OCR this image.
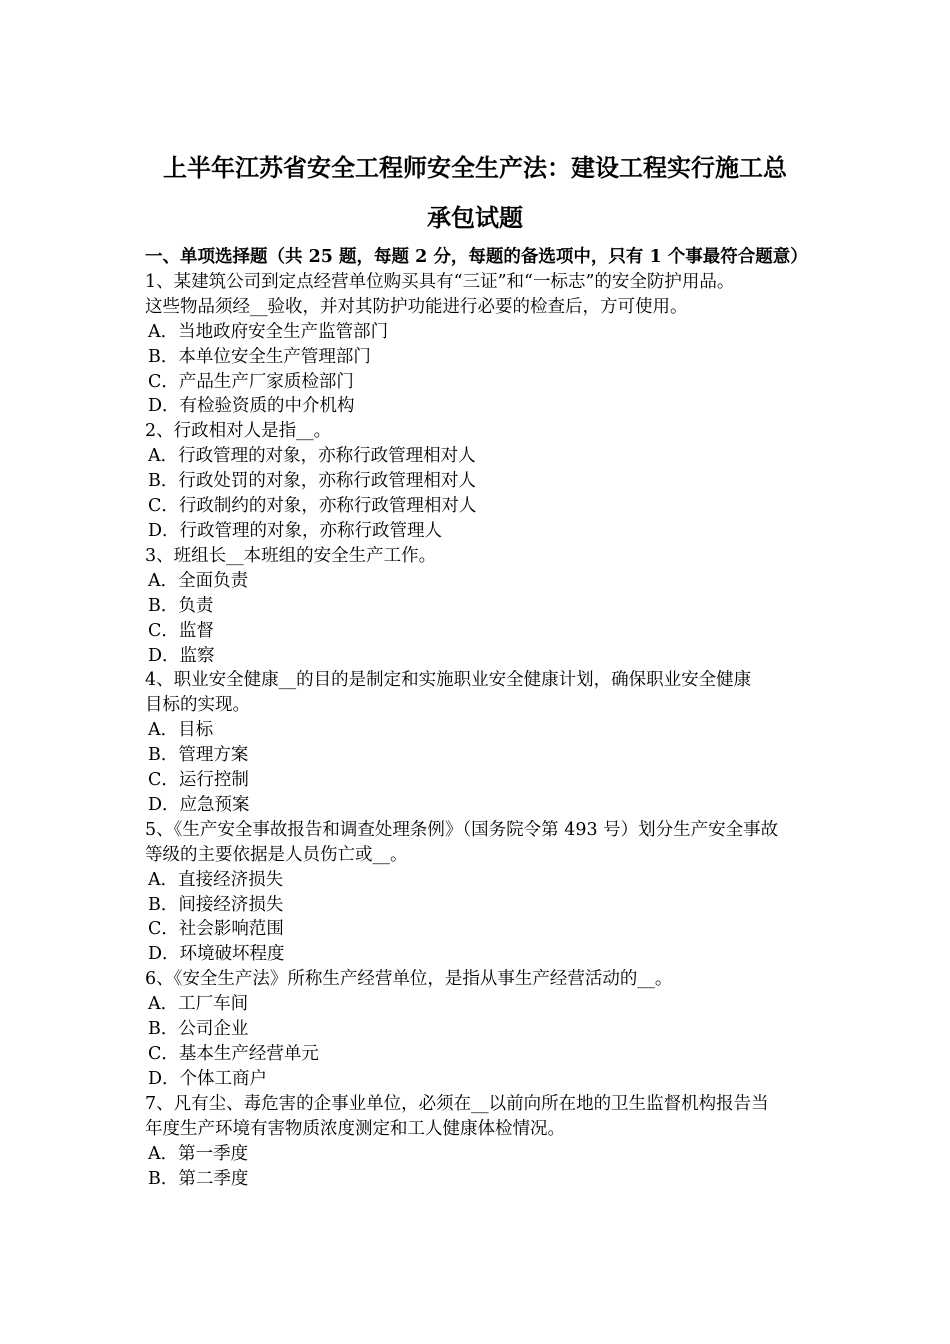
上半年江苏省安全工程师安全生产法：建设工程实行施工总
承包试题
一、单项选择题（共 25 题，每题 2 分，每题的备选项中，只有 1 个事最符合题意）
1、某建筑公司到定点经营单位购买具有“三证”和“一标志”的安全防护用品。
这些物品须经__验收，并对其防护功能进行必要的检查后，方可使用。
A．当地政府安全生产监管部门
B．本单位安全生产管理部门
C．产品生产厂家质检部门
D．有检验资质的中介机构
2、行政相对人是指__。
A．行政管理的对象，亦称行政管理相对人
B．行政处罚的对象，亦称行政管理相对人
C．行政制约的对象，亦称行政管理相对人
D．行政管理的对象，亦称行政管理人
3、班组长__本班组的安全生产工作。
A．全面负责
B．负责
C．监督
D．监察
4、职业安全健康__的目的是制定和实施职业安全健康计划，确保职业安全健康
目标的实现。
A．目标
B．管理方案
C．运行控制
D．应急预案
5、《生产安全事故报告和调查处理条例》（国务院令第 493 号）划分生产安全事故
等级的主要依据是人员伤亡或__。
A．直接经济损失
B．间接经济损失
C．社会影响范围
D．环境破坏程度
6、《安全生产法》所称生产经营单位，是指从事生产经营活动的__。
A．工厂车间
B．公司企业
C．基本生产经营单元
D．个体工商户
7、凡有尘、毒危害的企事业单位，必须在__以前向所在地的卫生监督机构报告当
年度生产环境有害物质浓度测定和工人健康体检情况。
A．第一季度
B．第二季度
